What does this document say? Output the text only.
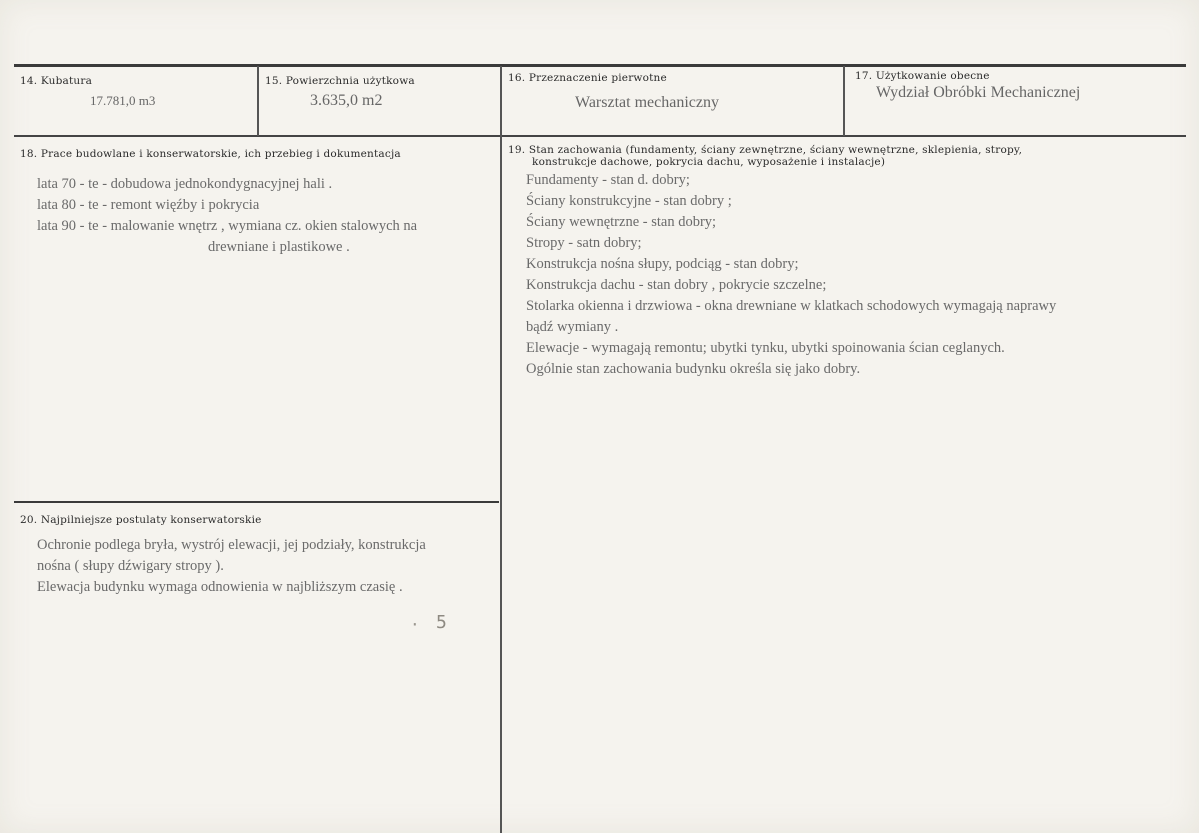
· 5
14. Kubatura
17.781,0 m3
15. Powierzchnia użytkowa
3.635,0 m2
16. Przeznaczenie pierwotne
Warsztat mechaniczny
17. Użytkowanie obecne
Wydział Obróbki Mechanicznej
18. Prace budowlane i konserwatorskie, ich przebieg i dokumentacja
lata 70 - te - dobudowa jednokondygnacyjnej hali .
lata 80 - te - remont więźby i pokrycia
lata 90 - te - malowanie wnętrz , wymiana cz. okien stalowych na
drewniane i plastikowe .
19. Stan zachowania (fundamenty, ściany zewnętrzne, ściany wewnętrzne, sklepienia, stropy,
konstrukcje dachowe, pokrycia dachu, wyposażenie i instalacje)
Fundamenty - stan d. dobry;
Ściany konstrukcyjne - stan dobry ;
Ściany wewnętrzne - stan dobry;
Stropy - satn dobry;
Konstrukcja nośna słupy, podciąg - stan dobry;
Konstrukcja dachu - stan dobry , pokrycie szczelne;
Stolarka okienna i drzwiowa - okna drewniane w klatkach schodowych wymagają naprawy
bądź wymiany .
Elewacje - wymagają remontu; ubytki tynku, ubytki spoinowania ścian ceglanych.
Ogólnie stan zachowania budynku określa się jako dobry.
20. Najpilniejsze postulaty konserwatorskie
Ochronie podlega bryła, wystrój elewacji, jej podziały, konstrukcja
nośna ( słupy dźwigary stropy ).
Elewacja budynku wymaga odnowienia w najbliższym czasię .
